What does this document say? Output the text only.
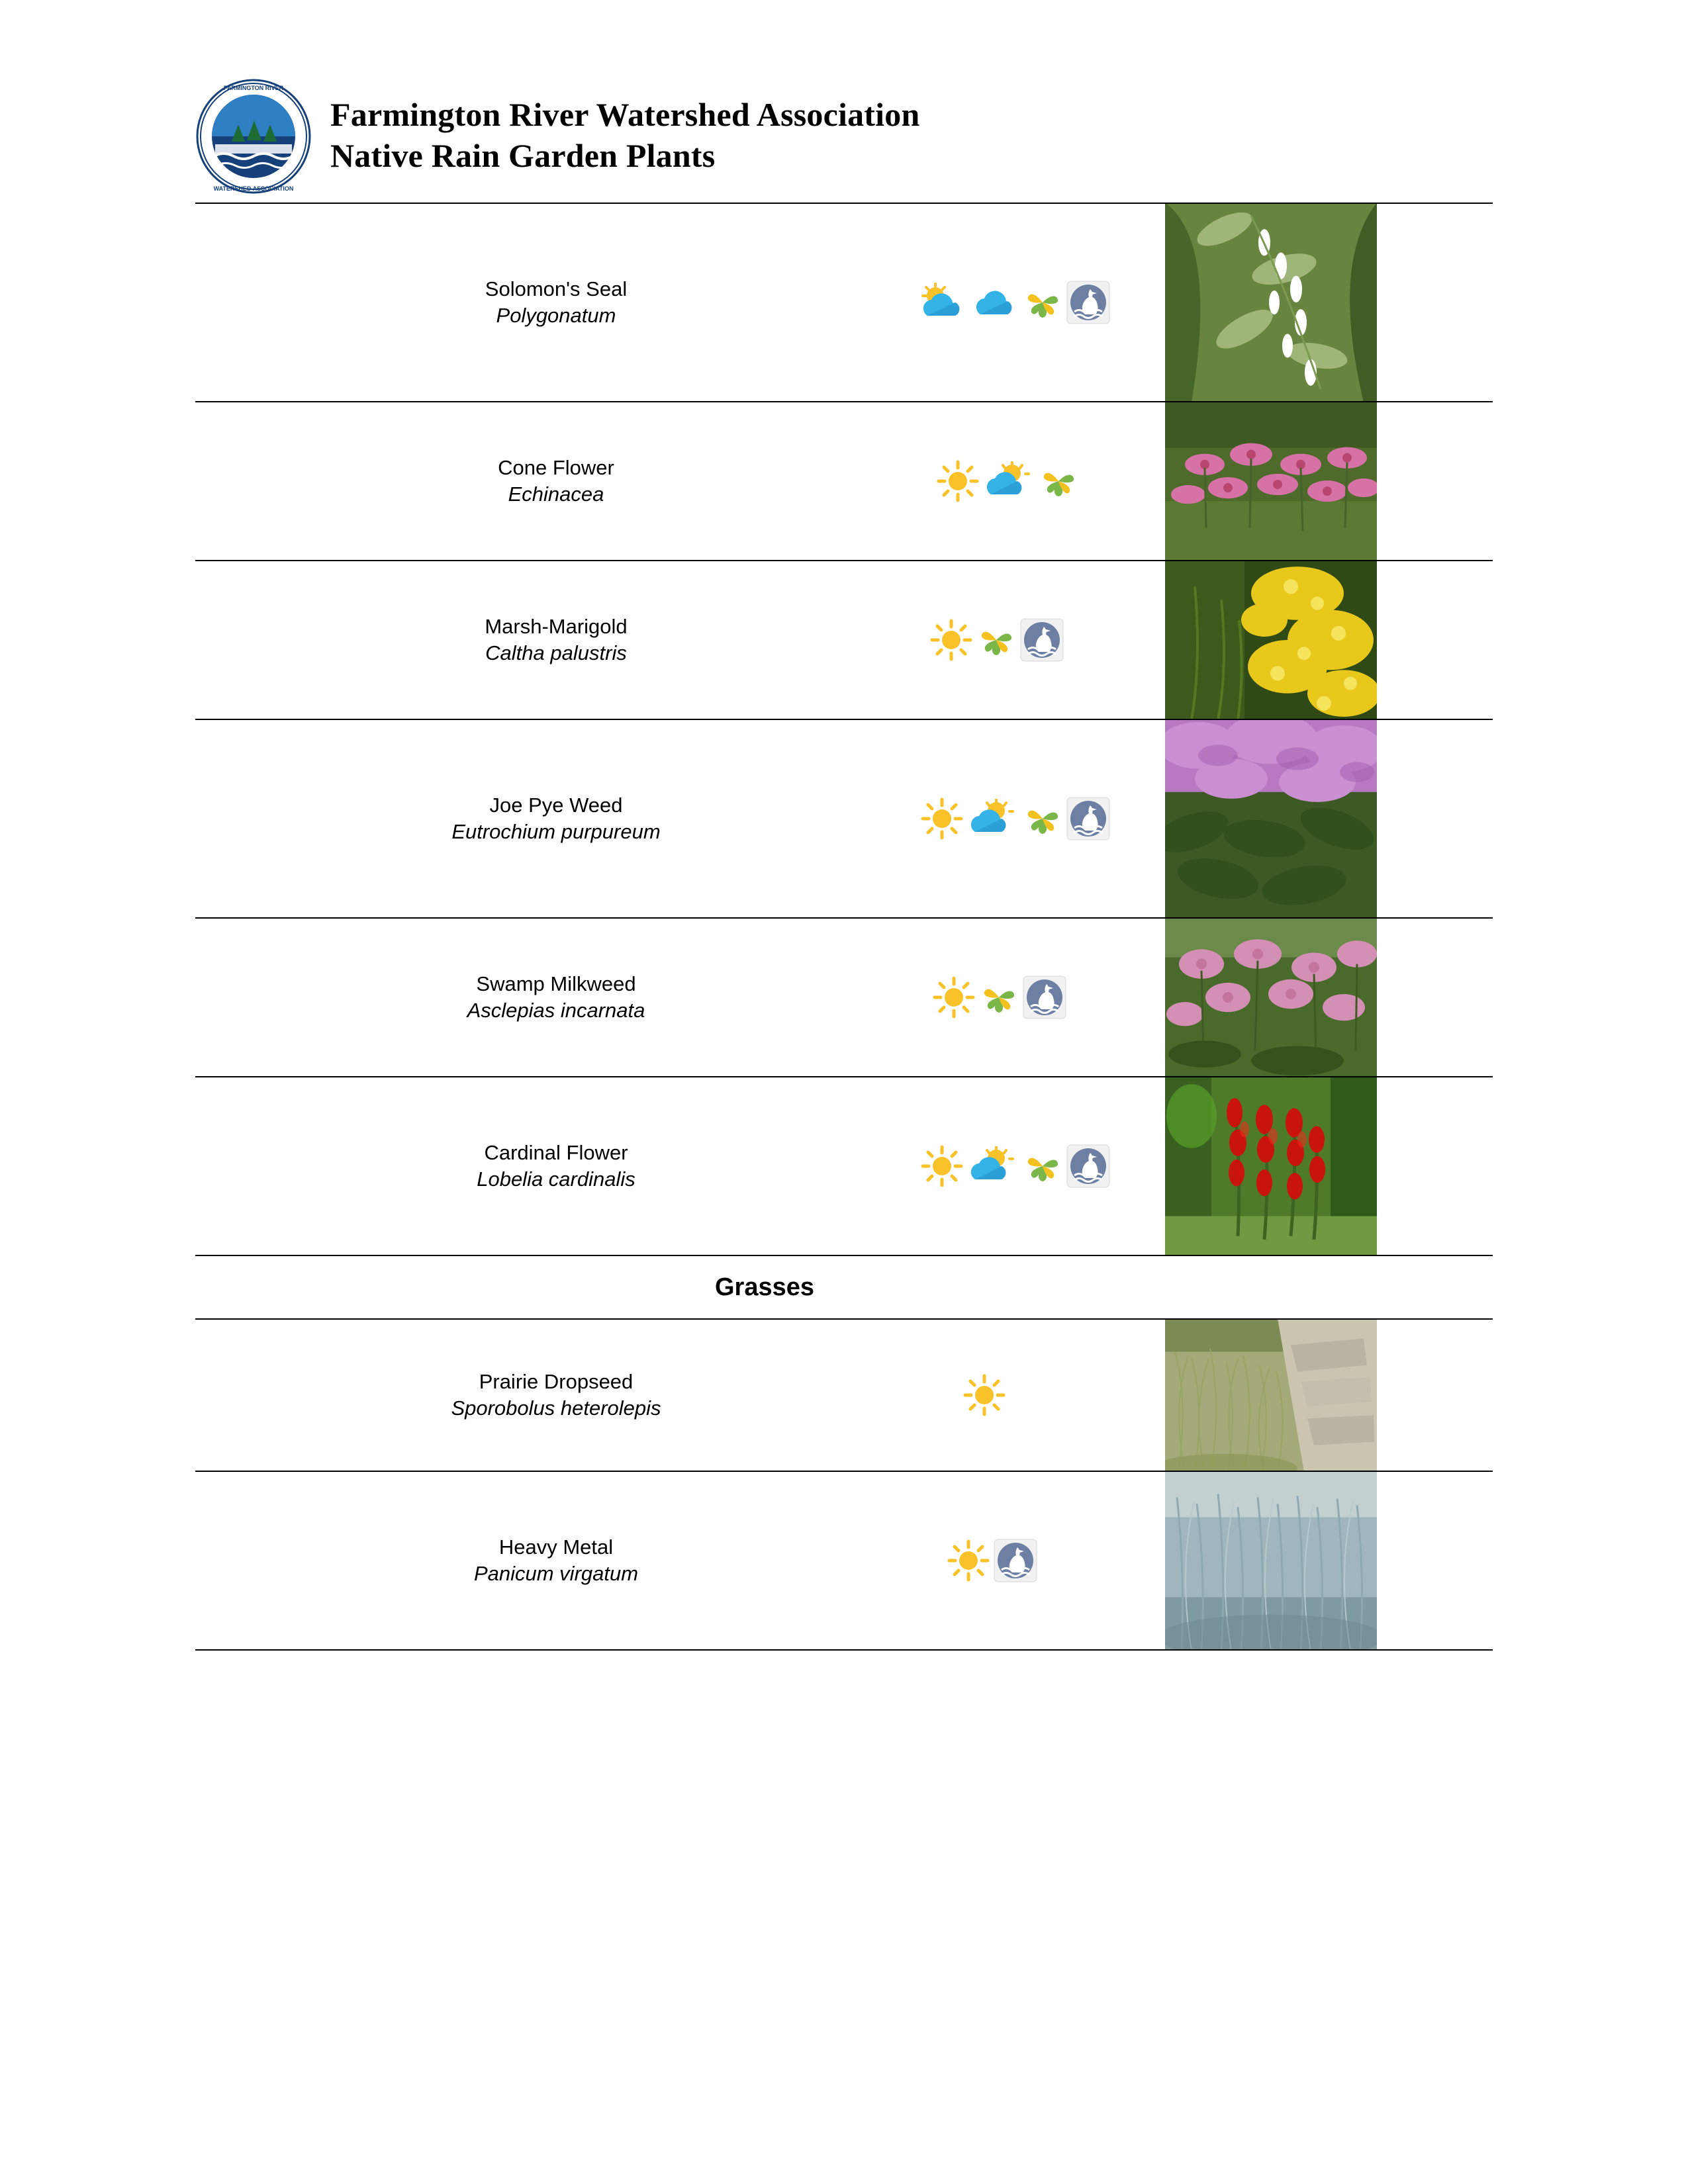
FARMINGTON RIVER
WATERSHED ASSOCIATION
Farmington River Watershed Association
Native Rain Garden Plants
Solomon's Seal
Polygonatum
Cone Flower
Echinacea
Marsh-Marigold
Caltha palustris
Joe Pye Weed
Eutrochium purpureum
Swamp Milkweed
Asclepias incarnata
Cardinal Flower
Lobelia cardinalis
Grasses
Prairie Dropseed
Sporobolus heterolepis
Heavy Metal
Panicum virgatum
